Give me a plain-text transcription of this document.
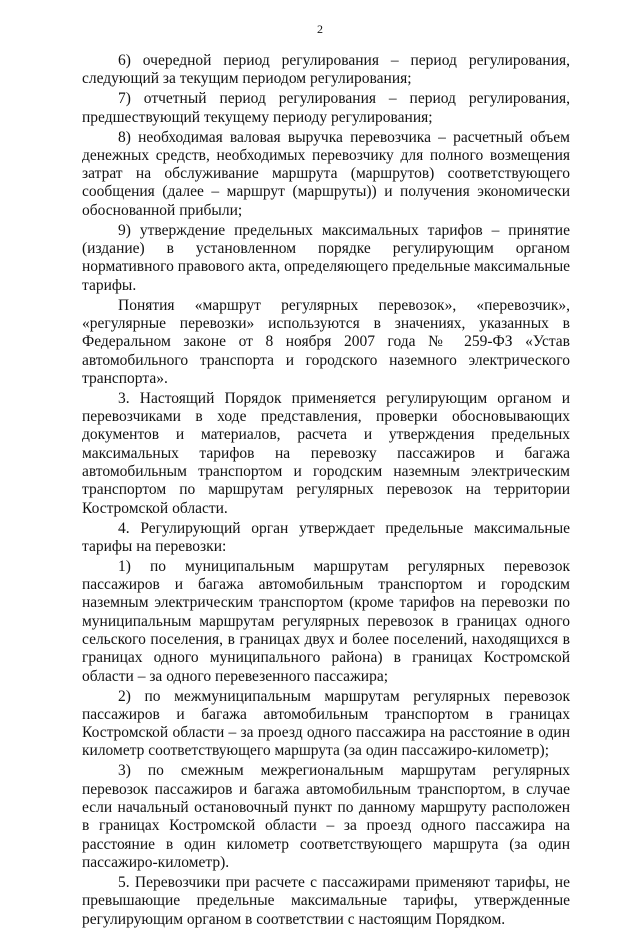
2

6) очередной период регулирования – период регулирования, следующий за текущим периодом регулирования;

7) отчетный период регулирования – период регулирования, предшествующий текущему периоду регулирования;

8) необходимая валовая выручка перевозчика – расчетный объем денежных средств, необходимых перевозчику для полного возмещения затрат на обслуживание маршрута (маршрутов) соответствующего сообщения (далее – маршрут (маршруты)) и получения экономически обоснованной прибыли;

9) утверждение предельных максимальных тарифов – принятие (издание) в установленном порядке регулирующим органом нормативного правового акта, определяющего предельные максимальные тарифы.

Понятия «маршрут регулярных перевозок», «перевозчик», «регулярные перевозки» используются в значениях, указанных в Федеральном законе от 8 ноября 2007 года № 259-ФЗ «Устав автомобильного транспорта и городского наземного электрического транспорта».

3. Настоящий Порядок применяется регулирующим органом и перевозчиками в ходе представления, проверки обосновывающих документов и материалов, расчета и утверждения предельных максимальных тарифов на перевозку пассажиров и багажа автомобильным транспортом и городским наземным электрическим транспортом по маршрутам регулярных перевозок на территории Костромской области.

4. Регулирующий орган утверждает предельные максимальные тарифы на перевозки:

1) по муниципальным маршрутам регулярных перевозок пассажиров и багажа автомобильным транспортом и городским наземным электрическим транспортом (кроме тарифов на перевозки по муниципальным маршрутам регулярных перевозок в границах одного сельского поселения, в границах двух и более поселений, находящихся в границах одного муниципального района) в границах Костромской области – за одного перевезенного пассажира;

2) по межмуниципальным маршрутам регулярных перевозок пассажиров и багажа автомобильным транспортом в границах Костромской области – за проезд одного пассажира на расстояние в один километр соответствующего маршрута (за один пассажиро-километр);

3) по смежным межрегиональным маршрутам регулярных перевозок пассажиров и багажа автомобильным транспортом, в случае если начальный остановочный пункт по данному маршруту расположен в границах Костромской области – за проезд одного пассажира на расстояние в один километр соответствующего маршрута (за один пассажиро-километр).

5. Перевозчики при расчете с пассажирами применяют тарифы, не превышающие предельные максимальные тарифы, утвержденные регулирующим органом в соответствии с настоящим Порядком.
